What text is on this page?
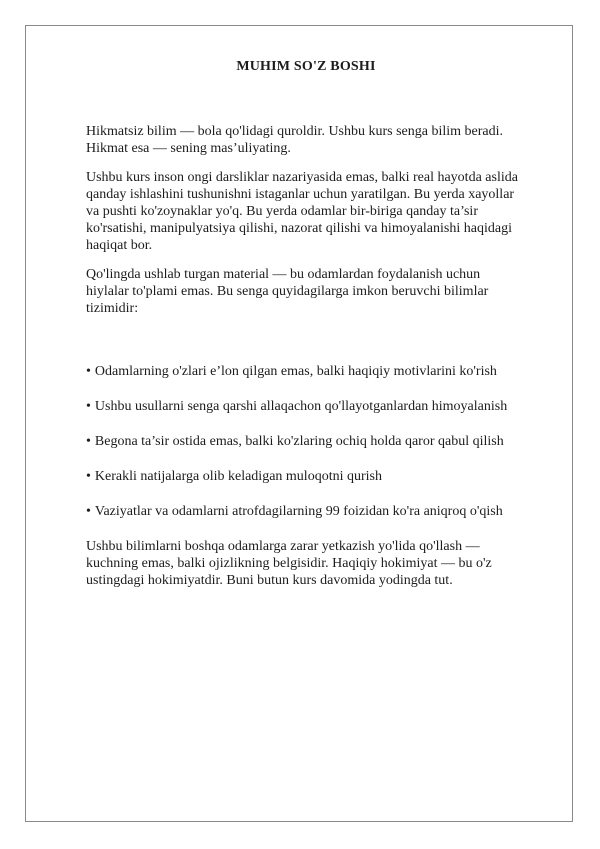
MUHIM SO'Z BOSHI

Hikmatsiz bilim — bola qo'lidagi quroldir. Ushbu kurs senga bilim beradi. Hikmat esa — sening mas’uliyating.

Ushbu kurs inson ongi darsliklar nazariyasida emas, balki real hayotda aslida qanday ishlashini tushunishni istaganlar uchun yaratilgan. Bu yerda xayollar va pushti ko'zoynaklar yo'q. Bu yerda odamlar bir-biriga qanday ta’sir ko'rsatishi, manipulyatsiya qilishi, nazorat qilishi va himoyalanishi haqidagi haqiqat bor.

Qo'lingda ushlab turgan material — bu odamlardan foydalanish uchun hiylalar to'plami emas. Bu senga quyidagilarga imkon beruvchi bilimlar tizimidir:

• Odamlarning o'zlari e’lon qilgan emas, balki haqiqiy motivlarini ko'rish
• Ushbu usullarni senga qarshi allaqachon qo'llayotganlardan himoyalanish
• Begona ta’sir ostida emas, balki ko'zlaring ochiq holda qaror qabul qilish
• Kerakli natijalarga olib keladigan muloqotni qurish
• Vaziyatlar va odamlarni atrofdagilarning 99 foizidan ko'ra aniqroq o'qish

Ushbu bilimlarni boshqa odamlarga zarar yetkazish yo'lida qo'llash — kuchning emas, balki ojizlikning belgisidir. Haqiqiy hokimiyat — bu o'z ustingdagi hokimiyatdir. Buni butun kurs davomida yodingda tut.
